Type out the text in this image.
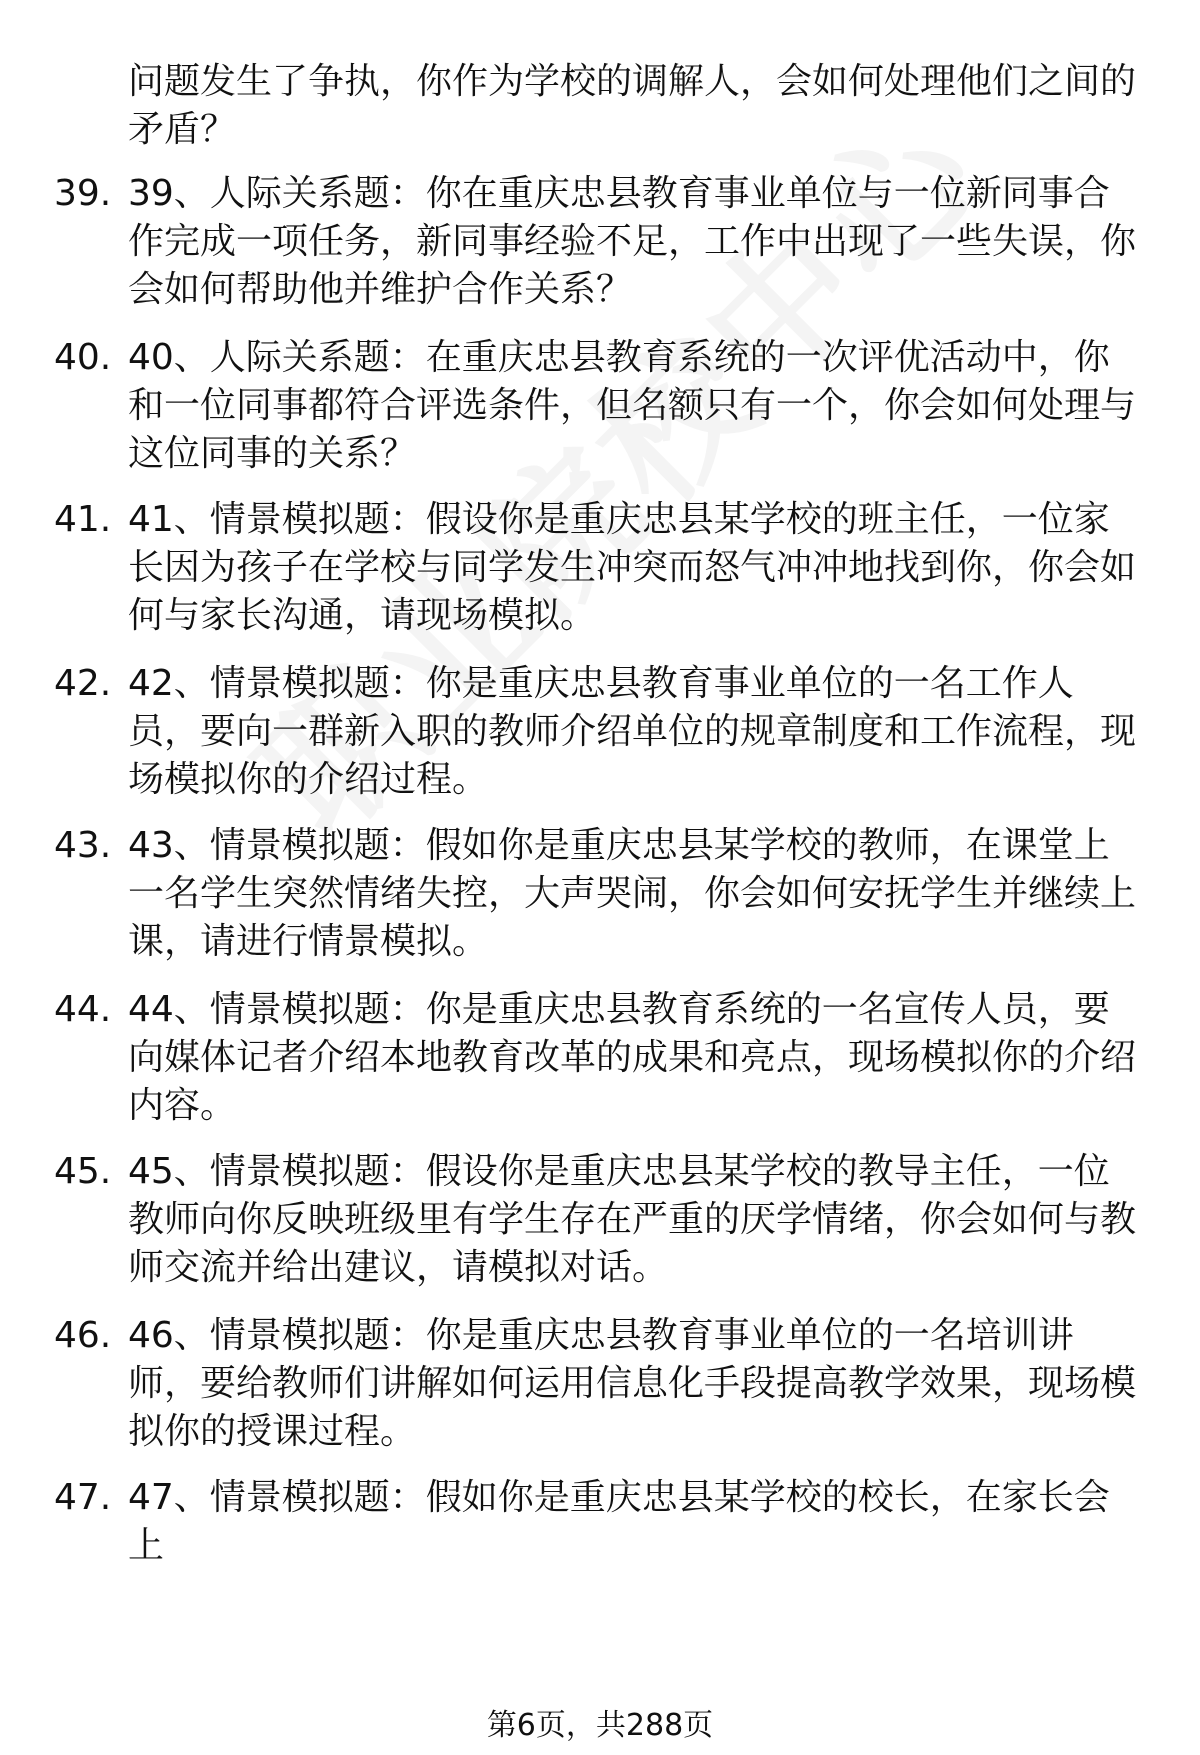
问题发生了争执，你作为学校的调解人，会如何处理他们之间的矛盾？
39. 39、人际关系题：你在重庆忠县教育事业单位与一位新同事合作完成一项任务，新同事经验不足，工作中出现了一些失误，你会如何帮助他并维护合作关系？
40. 40、人际关系题：在重庆忠县教育系统的一次评优活动中，你和一位同事都符合评选条件，但名额只有一个，你会如何处理与这位同事的关系？
41. 41、情景模拟题：假设你是重庆忠县某学校的班主任，一位家长因为孩子在学校与同学发生冲突而怒气冲冲地找到你，你会如何与家长沟通，请现场模拟。
42. 42、情景模拟题：你是重庆忠县教育事业单位的一名工作人员，要向一群新入职的教师介绍单位的规章制度和工作流程，现场模拟你的介绍过程。
43. 43、情景模拟题：假如你是重庆忠县某学校的教师，在课堂上一名学生突然情绪失控，大声哭闹，你会如何安抚学生并继续上课，请进行情景模拟。
44. 44、情景模拟题：你是重庆忠县教育系统的一名宣传人员，要向媒体记者介绍本地教育改革的成果和亮点，现场模拟你的介绍内容。
45. 45、情景模拟题：假设你是重庆忠县某学校的教导主任，一位教师向你反映班级里有学生存在严重的厌学情绪，你会如何与教师交流并给出建议，请模拟对话。
46. 46、情景模拟题：你是重庆忠县教育事业单位的一名培训讲师，要给教师们讲解如何运用信息化手段提高教学效果，现场模拟你的授课过程。
47. 47、情景模拟题：假如你是重庆忠县某学校的校长，在家长会上
第6页，共288页
